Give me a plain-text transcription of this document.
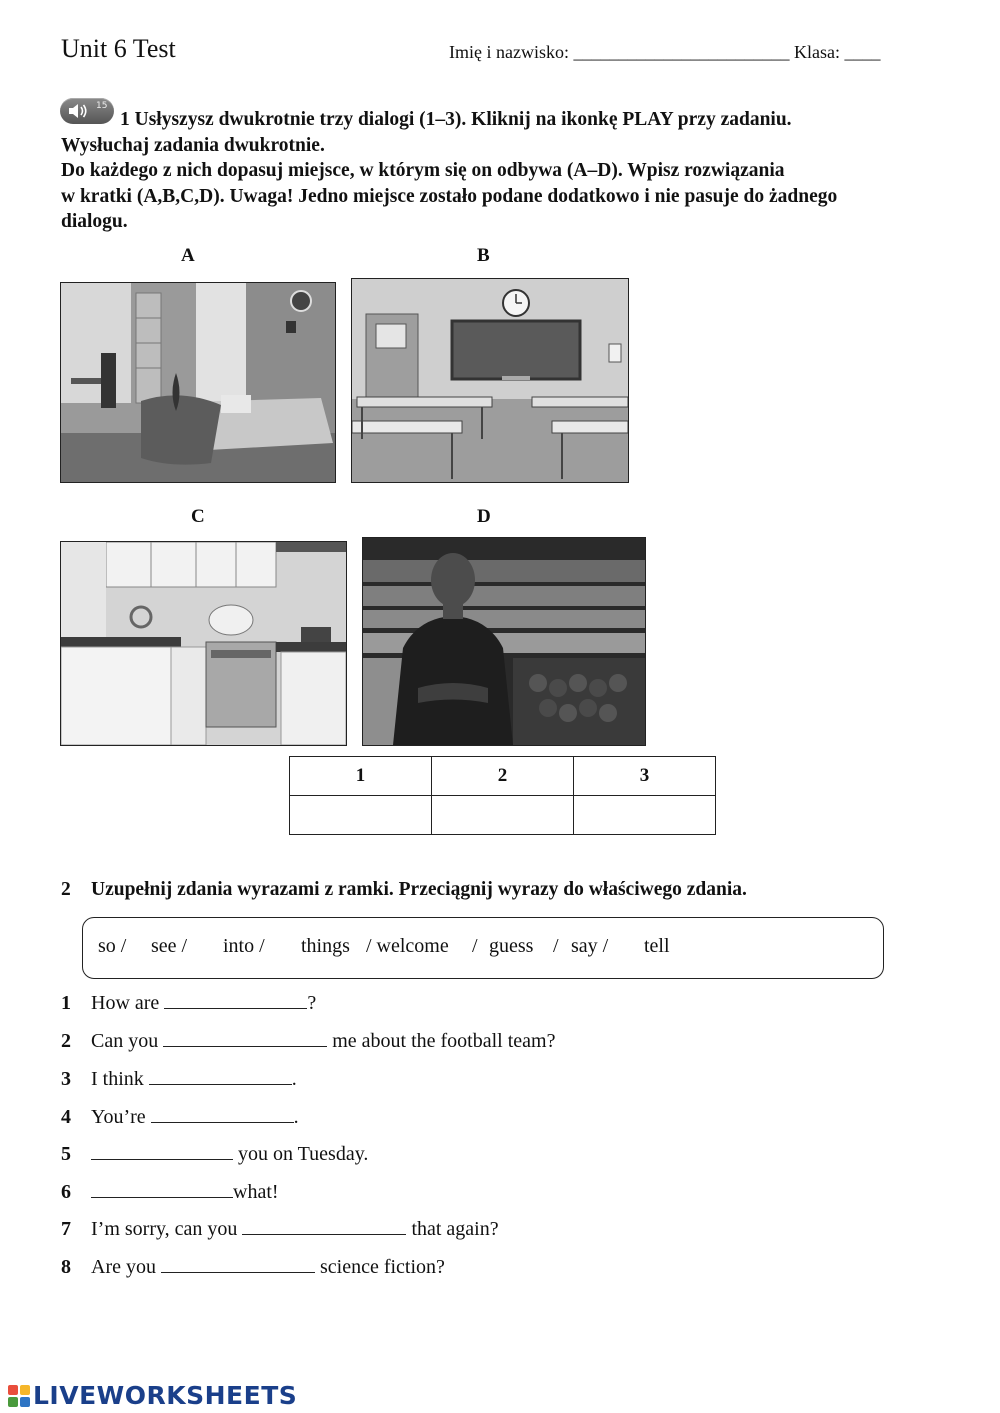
Unit 6 Test	Imię i nazwisko: ________________________ Klasa: ____
15
1 Usłyszysz dwukrotnie trzy dialogi (1–3). Kliknij na ikonkę PLAY przy zadaniu.
Wysłuchaj zadania dwukrotnie.
Do każdego z nich dopasuj miejsce, w którym się on odbywa (A–D). Wpisz rozwiązania
w kratki (A,B,C,D). Uwaga! Jedno miejsce zostało podane dodatkowo i nie pasuje do żadnego
dialogu.
A	B
C	D
1	2	3

2 Uzupełnij zdania wyrazami z ramki. Przeciągnij wyrazy do właściwego zdania.
so / see / into / things / welcome / guess / say / tell
1 How are	?
2 Can you	me about the football team?
3 I think	.
4 You’re	.
5	you on Tuesday.
6	what!
7 I’m sorry, can you	that again?
8 Are you	science fiction?
LIVEWORKSHEETS
